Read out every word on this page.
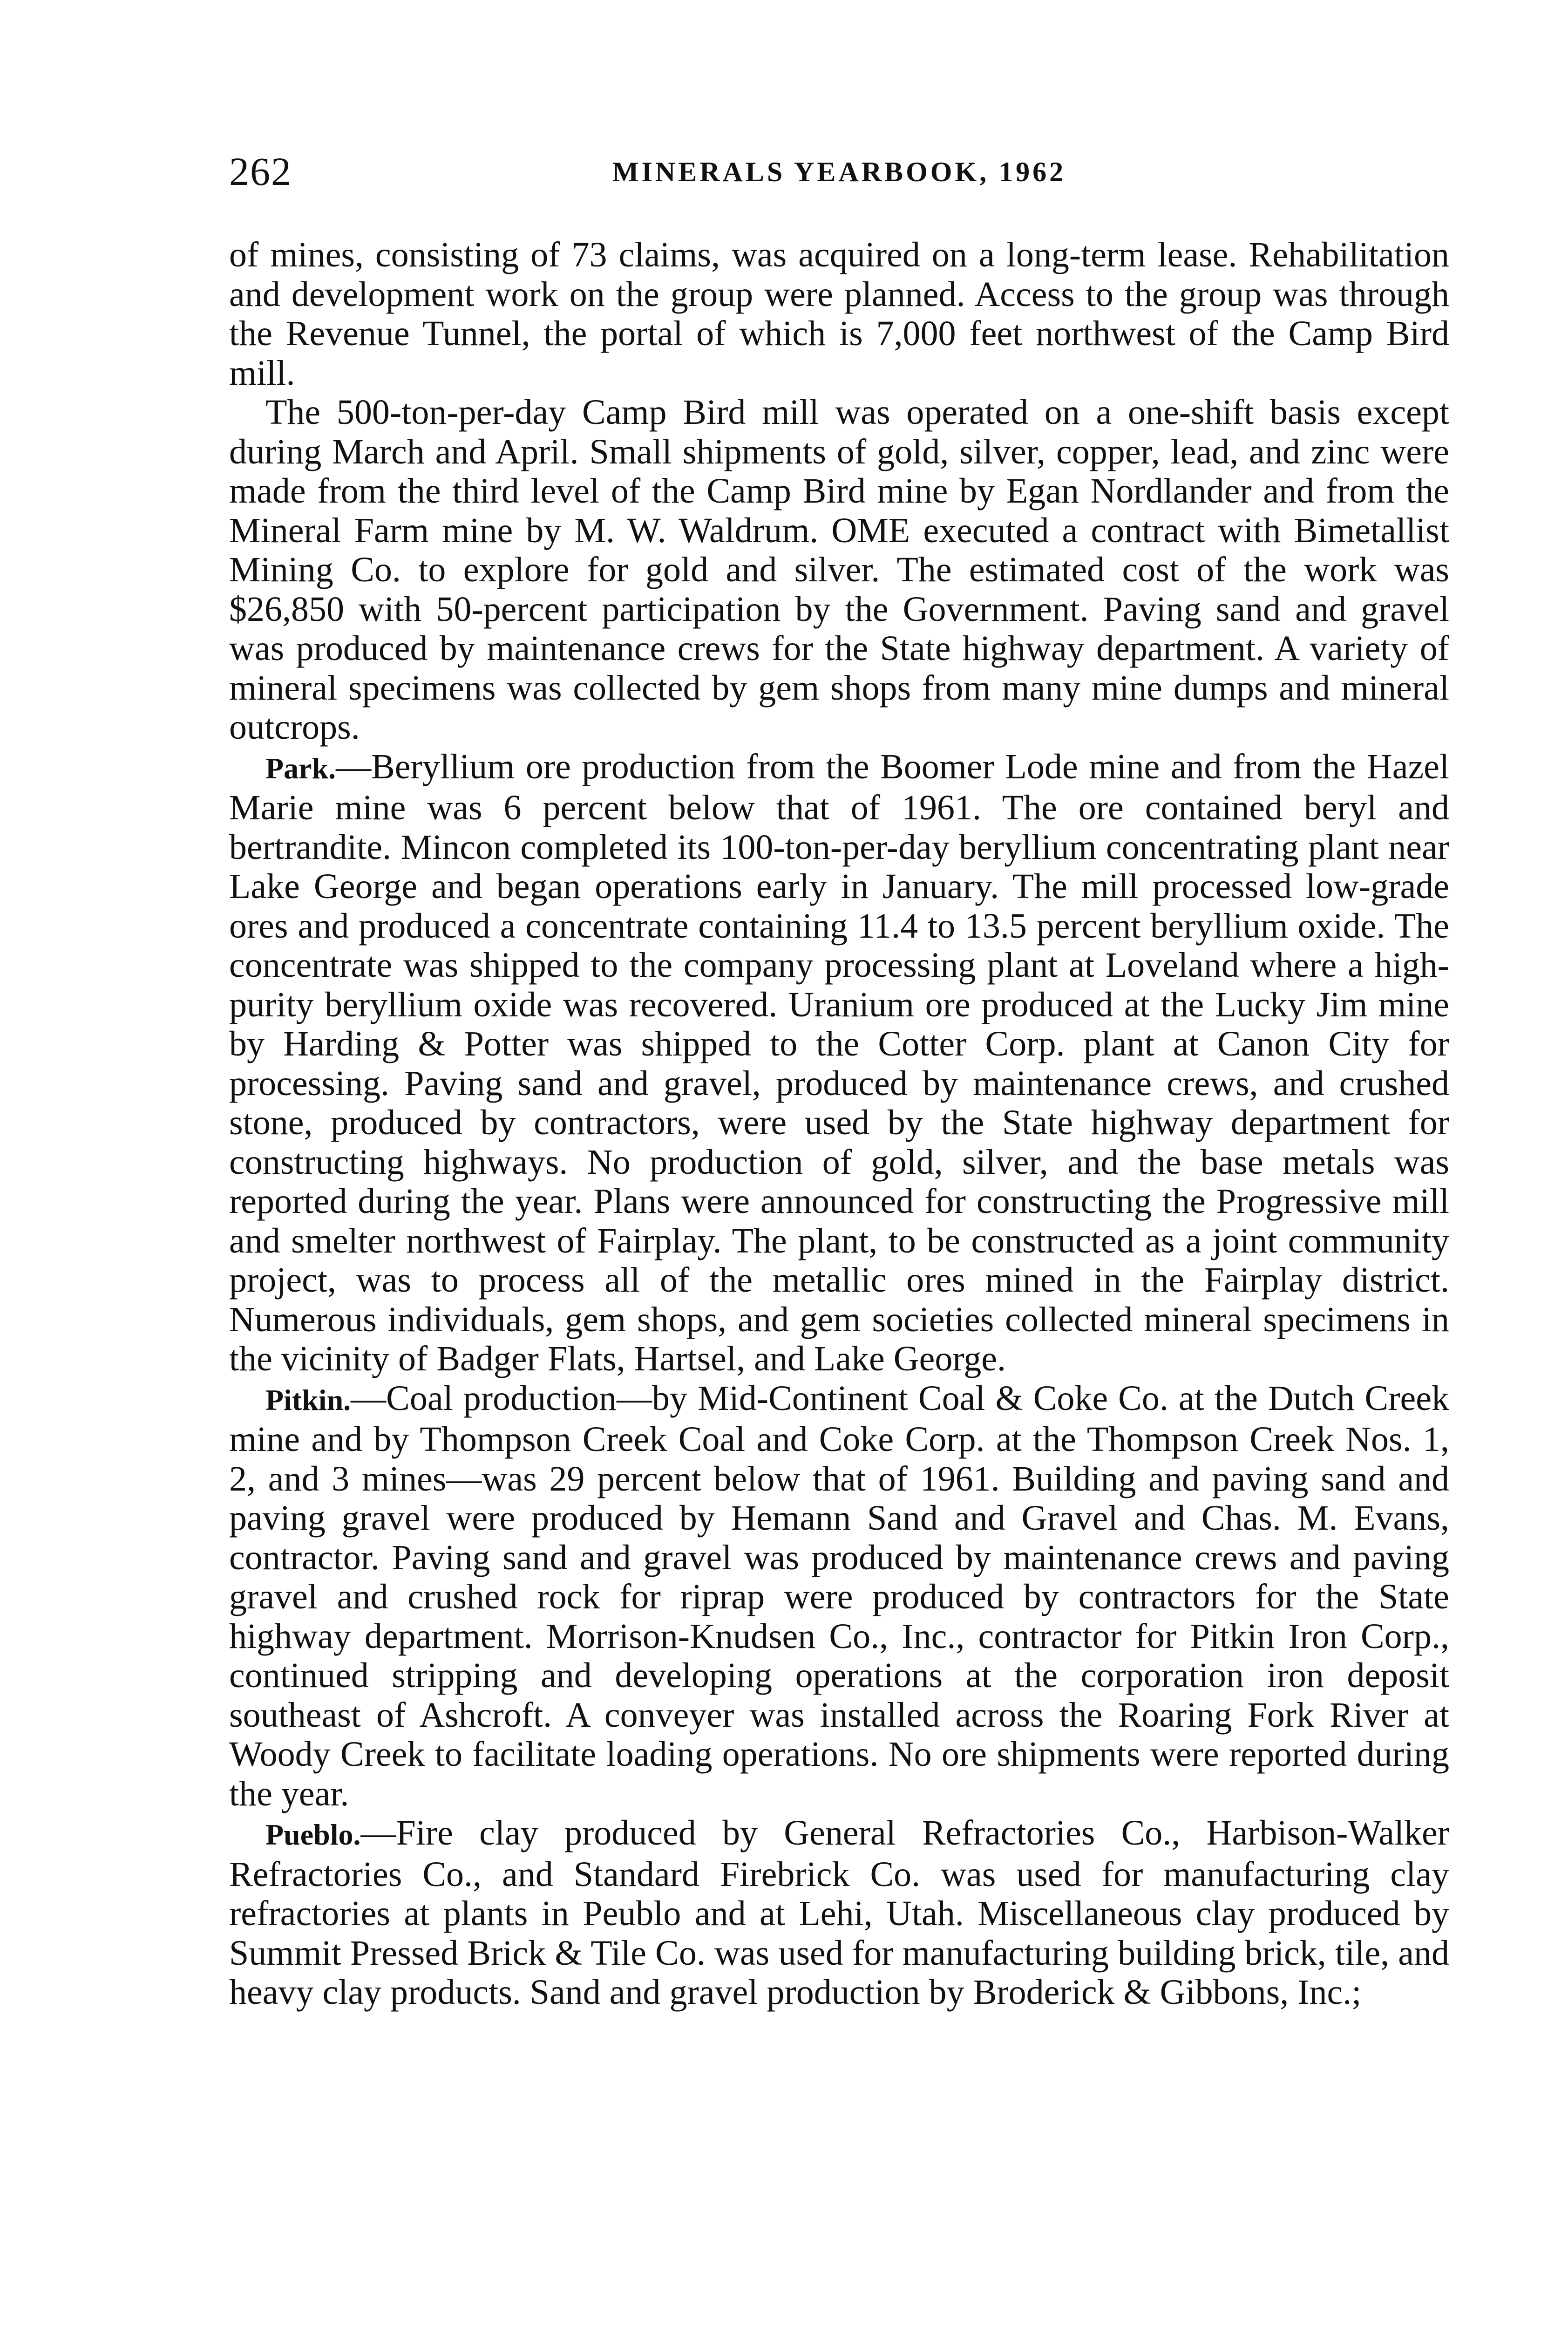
262	MINERALS YEARBOOK, 1962

of mines, consisting of 73 claims, was acquired on a long-term lease. Rehabilitation and development work on the group were planned. Access to the group was through the Revenue Tunnel, the portal of which is 7,000 feet northwest of the Camp Bird mill.

The 500-ton-per-day Camp Bird mill was operated on a one-shift basis except during March and April. Small shipments of gold, silver, copper, lead, and zinc were made from the third level of the Camp Bird mine by Egan Nordlander and from the Mineral Farm mine by M. W. Waldrum. OME executed a contract with Bimetallist Mining Co. to explore for gold and silver. The estimated cost of the work was $26,850 with 50-percent participation by the Government. Paving sand and gravel was produced by maintenance crews for the State highway department. A variety of mineral specimens was collected by gem shops from many mine dumps and mineral outcrops.

Park.—Beryllium ore production from the Boomer Lode mine and from the Hazel Marie mine was 6 percent below that of 1961. The ore contained beryl and bertrandite. Mincon completed its 100-ton-per-day beryllium concentrating plant near Lake George and began operations early in January. The mill processed low-grade ores and produced a concentrate containing 11.4 to 13.5 percent beryllium oxide. The concentrate was shipped to the company processing plant at Loveland where a high-purity beryllium oxide was recovered. Uranium ore produced at the Lucky Jim mine by Harding & Potter was shipped to the Cotter Corp. plant at Canon City for processing. Paving sand and gravel, produced by maintenance crews, and crushed stone, produced by contractors, were used by the State highway department for constructing highways. No production of gold, silver, and the base metals was reported during the year. Plans were announced for constructing the Progressive mill and smelter northwest of Fairplay. The plant, to be constructed as a joint community project, was to process all of the metallic ores mined in the Fairplay district. Numerous individuals, gem shops, and gem societies collected mineral specimens in the vicinity of Badger Flats, Hartsel, and Lake George.

Pitkin.—Coal production—by Mid-Continent Coal & Coke Co. at the Dutch Creek mine and by Thompson Creek Coal and Coke Corp. at the Thompson Creek Nos. 1, 2, and 3 mines—was 29 percent below that of 1961. Building and paving sand and paving gravel were produced by Hemann Sand and Gravel and Chas. M. Evans, contractor. Paving sand and gravel was produced by maintenance crews and paving gravel and crushed rock for riprap were produced by contractors for the State highway department. Morrison-Knudsen Co., Inc., contractor for Pitkin Iron Corp., continued stripping and developing operations at the corporation iron deposit southeast of Ashcroft. A conveyer was installed across the Roaring Fork River at Woody Creek to facilitate loading operations. No ore shipments were reported during the year.

Pueblo.—Fire clay produced by General Refractories Co., Harbison-Walker Refractories Co., and Standard Firebrick Co. was used for manufacturing clay refractories at plants in Peublo and at Lehi, Utah. Miscellaneous clay produced by Summit Pressed Brick & Tile Co. was used for manufacturing building brick, tile, and heavy clay products. Sand and gravel production by Broderick & Gibbons, Inc.;
